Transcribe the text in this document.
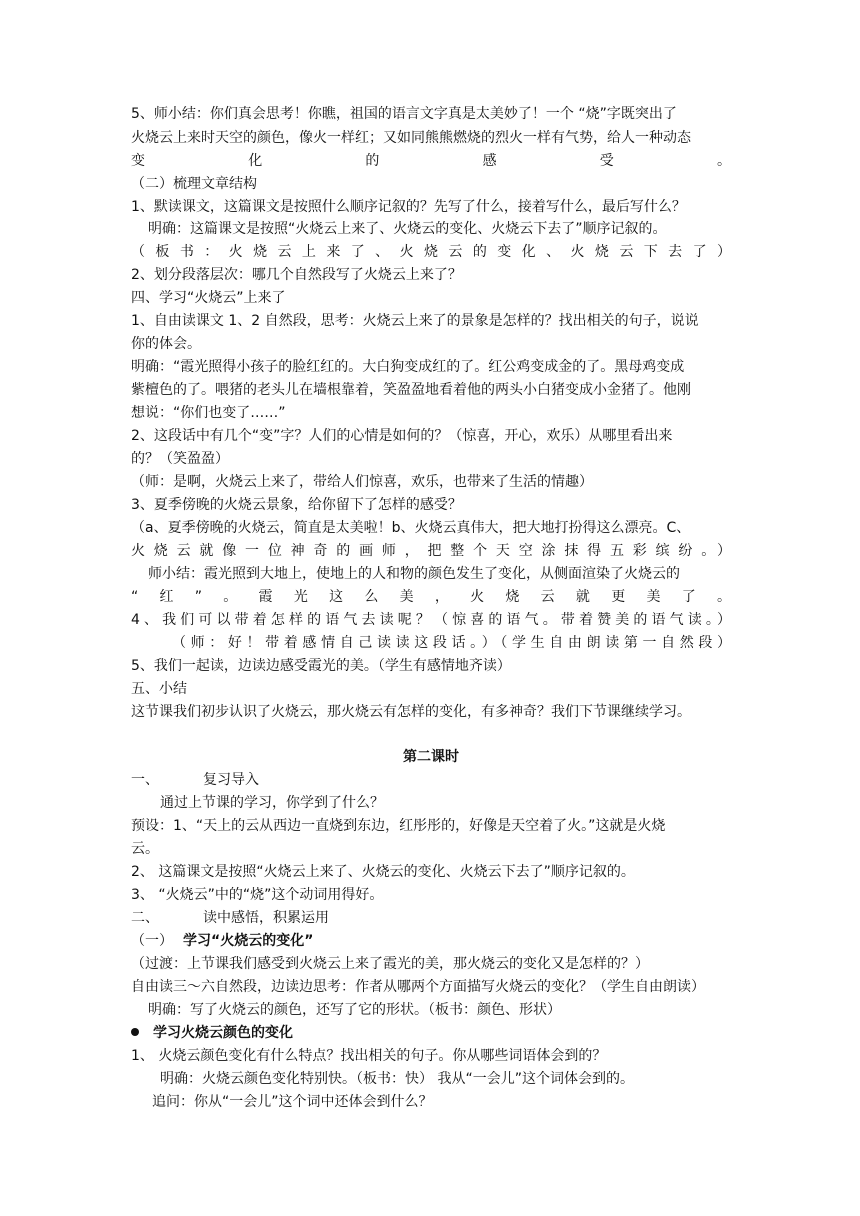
5、师小结：你们真会思考！你瞧，祖国的语言文字真是太美妙了！一个 “烧”字既突出了
火烧云上来时天空的颜色，像火一样红；又如同熊熊燃烧的烈火一样有气势，给人一种动态
变化的感受。
（二）梳理文章结构
1、默读课文，这篇课文是按照什么顺序记叙的？先写了什么，接着写什么，最后写什么？
明确：这篇课文是按照“火烧云上来了、火烧云的变化、火烧云下去了”顺序记叙的。
（板书：火烧云上来了、火烧云的变化、火烧云下去了）
2、划分段落层次：哪几个自然段写了火烧云上来了？
四、学习“火烧云”上来了
1、自由读课文 1、2 自然段，思考：火烧云上来了的景象是怎样的？找出相关的句子，说说
你的体会。
明确：“霞光照得小孩子的脸红红的。大白狗变成红的了。红公鸡变成金的了。黑母鸡变成
紫檀色的了。喂猪的老头儿在墙根靠着，笑盈盈地看着他的两头小白猪变成小金猪了。他刚
想说：“你们也变了……”
2、这段话中有几个“变”字？人们的心情是如何的？（惊喜，开心，欢乐）从哪里看出来
的？（笑盈盈）
（师：是啊，火烧云上来了，带给人们惊喜，欢乐，也带来了生活的情趣）
3、夏季傍晚的火烧云景象，给你留下了怎样的感受？
（a、夏季傍晚的火烧云，简直是太美啦！b、火烧云真伟大，把大地打扮得这么漂亮。C、
火烧云就像一位神奇的画师，把整个天空涂抹得五彩缤纷。）
师小结：霞光照到大地上，使地上的人和物的颜色发生了变化，从侧面渲染了火烧云的
“红”。霞光这么美，火烧云就更美了。
4、我们可以带着怎样的语气去读呢？（惊喜的语气。带着赞美的语气读。）
（师：好！带着感情自己读读这段话。）（学生自由朗读第一自然段）
5、我们一起读，边读边感受霞光的美。（学生有感情地齐读）
五、小结
这节课我们初步认识了火烧云，那火烧云有怎样的变化，有多神奇？我们下节课继续学习。
第二课时
一、	复习导入
通过上节课的学习，你学到了什么？
预设：1、“天上的云从西边一直烧到东边，红彤彤的，好像是天空着了火。”这就是火烧
云。
2、 这篇课文是按照“火烧云上来了、火烧云的变化、火烧云下去了”顺序记叙的。
3、 “火烧云”中的“烧”这个动词用得好。
二、	读中感悟，积累运用
（一） 学习“火烧云的变化”
（过渡：上节课我们感受到火烧云上来了霞光的美，那火烧云的变化又是怎样的？）
自由读三～六自然段，边读边思考：作者从哪两个方面描写火烧云的变化？（学生自由朗读）
明确：写了火烧云的颜色，还写了它的形状。（板书：颜色、形状）
学习火烧云颜色的变化
1、 火烧云颜色变化有什么特点？找出相关的句子。你从哪些词语体会到的？
明确：火烧云颜色变化特别快。（板书：快） 我从“一会儿”这个词体会到的。
追问：你从“一会儿”这个词中还体会到什么？
